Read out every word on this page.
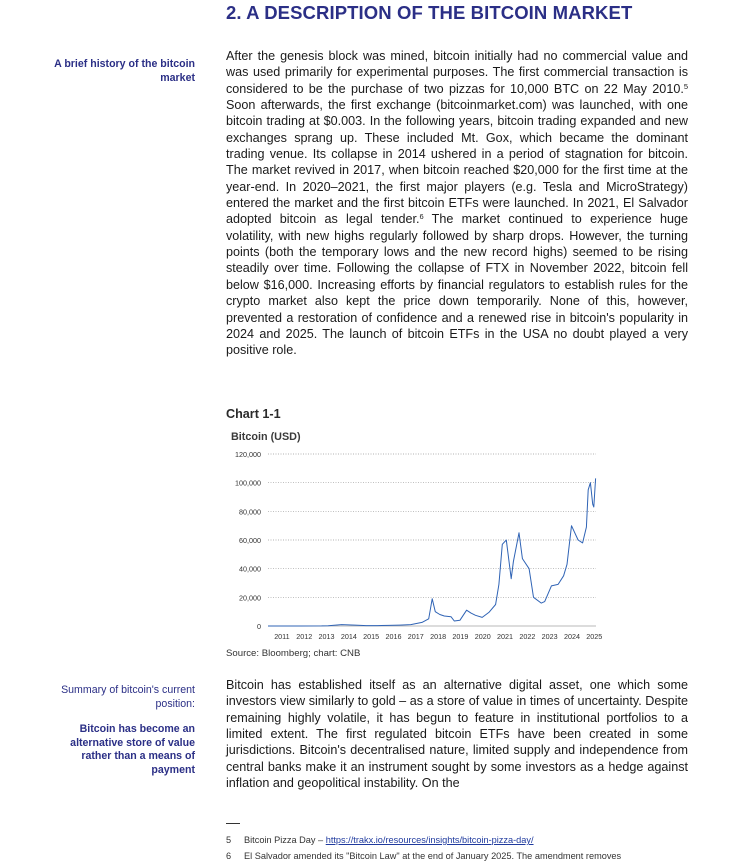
2. A DESCRIPTION OF THE BITCOIN MARKET
A brief history of the bitcoin market

After the genesis block was mined, bitcoin initially had no commercial value and was used primarily for experimental purposes. The first commercial transaction is considered to be the purchase of two pizzas for 10,000 BTC on 22 May 2010.$^5$ Soon afterwards, the first exchange (bitcoinmarket.com) was launched, with one bitcoin trading at $0.003. In the following years, bitcoin trading expanded and new exchanges sprang up. These included Mt. Gox, which became the dominant trading venue. Its collapse in 2014 ushered in a period of stagnation for bitcoin. The market revived in 2017, when bitcoin reached $20,000 for the first time at the year-end. In 2020–2021, the first major players (e.g. Tesla and MicroStrategy) entered the market and the first bitcoin ETFs were launched. In 2021, El Salvador adopted bitcoin as legal tender.$^6$ The market continued to experience huge volatility, with new highs regularly followed by sharp drops. However, the turning points (both the temporary lows and the new record highs) seemed to be rising steadily over time. Following the collapse of FTX in November 2022, bitcoin fell below $16,000. Increasing efforts by financial regulators to establish rules for the crypto market also kept the price down temporarily. None of this, however, prevented a restoration of confidence and a renewed rise in bitcoin's popularity in 2024 and 2025. The launch of bitcoin ETFs in the USA no doubt played a very positive role.

Chart 1-1
Bitcoin (USD)
0
20,000
40,000
60,000
80,000
100,000
120,000
2011 2012 2013 2014 2015 2016 2017 2018 2019 2020 2021 2022 2023 2024 2025
Source: Bloomberg; chart: CNB
Summary of bitcoin's current position:
Bitcoin has become an alternative store of value rather than a means of payment

Bitcoin has established itself as an alternative digital asset, one which some investors view similarly to gold – as a store of value in times of uncertainty. Despite remaining highly volatile, it has begun to feature in institutional portfolios to a limited extent. The first regulated bitcoin ETFs have been created in some jurisdictions. Bitcoin's decentralised nature, limited supply and independence from central banks make it an instrument sought by some investors as a hedge against inflation and geopolitical instability. On the

5 Bitcoin Pizza Day – https://trakx.io/resources/insights/bitcoin-pizza-day/
6 El Salvador amended its "Bitcoin Law" at the end of January 2025. The amendment removes
